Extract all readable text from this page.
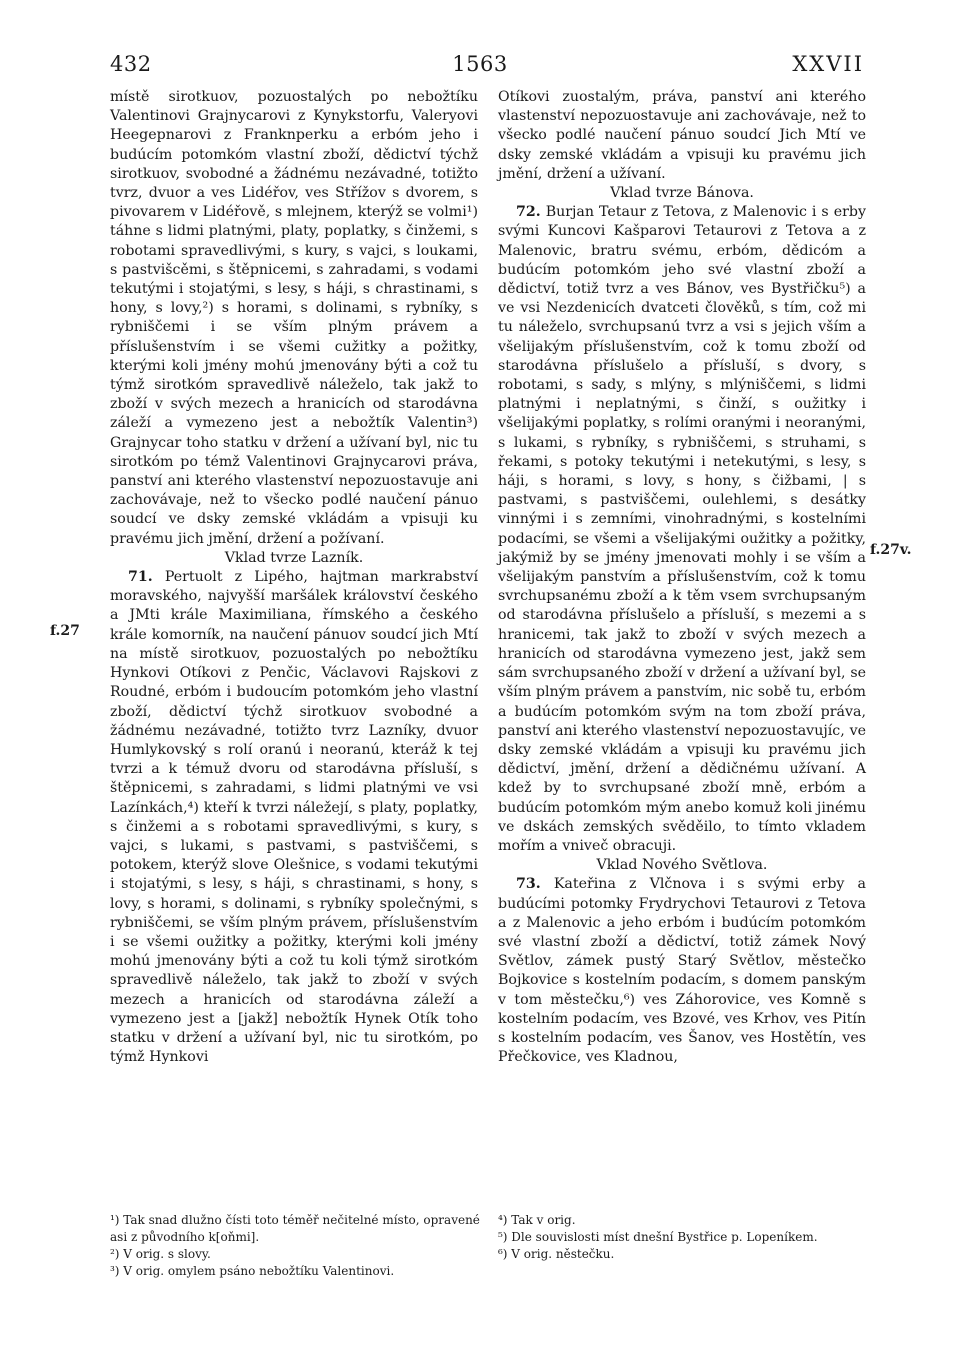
432	1563	XXVII
f.27
f.27v.

místě sirotkuov, pozuostalých po nebožtíku Valentinovi Grajnycarovi z Kynykstorfu, Valeryovi Heegepnarovi z Franknperku a erbóm jeho i budúcím potomkóm vlastní zboží, dědictví týchž sirotkuov, svobodné a žádnému nezávadné, totižto tvrz, dvuor a ves Lidéřov, ves Střížov s dvorem, s pivovarem v Lidéřově, s mlejnem, kterýž se volmi¹) táhne s lidmi platnými, platy, poplatky, s činžemi, s robotami spravedlivými, s kury, s vajci, s loukami, s pastvišcěmi, s štěpnicemi, s zahradami, s vodami tekutými i stojatými, s lesy, s háji, s chrastinami, s hony, s lovy,²) s horami, s dolinami, s rybníky, s rybniščemi i se vším plným právem a příslušenstvím i se všemi cužitky a požitky, kterými koli jmény mohú jmenovány býti a což tu týmž sirotkóm spravedlivě náleželo, tak jakž to zboží v svých mezech a hranicích od starodávna záleží a vymezeno jest a nebožtík Valentin³) Grajnycar toho statku v držení a užívaní byl, nic tu sirotkóm po témž Valentinovi Grajnycarovi práva, panství ani kterého vlastenství nepozuostavuje ani zachovávaje, než to všecko podlé naučení pánuo soudcí ve dsky zemské vkládám a vpisuji ku pravému jich jmění, držení a požívaní.

Vklad tvrze Lazník.

71. Pertuolt z Lipého, hajtman markrabství moravského, najvyšší maršálek království českého a JMti krále Maximiliana, římského a českého krále komorník, na naučení pánuov soudcí jich Mtí na místě sirotkuov, pozuostalých po nebožtíku Hynkovi Otíkovi z Penčic, Václavovi Rajskovi z Roudné, erbóm i budoucím potomkóm jeho vlastní zboží, dědictví týchž sirotkuov svobodné a žádnému nezávadné, totižto tvrz Lazníky, dvuor Humlykovský s rolí oranú i neoranú, kteráž k tej tvrzi a k témuž dvoru od starodávna přísluší, s štěpnicemi, s zahradami, s lidmi platnými ve vsi Lazínkách,⁴) kteří k tvrzi náležejí, s platy, poplatky, s činžemi a s robotami spravedlivými, s kury, s vajci, s lukami, s pastvami, s pastviščemi, s potokem, kterýž slove Olešnice, s vodami tekutými i stojatými, s lesy, s háji, s chrastinami, s hony, s lovy, s horami, s dolinami, s rybníky společnými, s rybniščemi, se vším plným právem, příslušenstvím i se všemi oužitky a požitky, kterými koli jmény mohú jmenovány býti a což tu koli týmž sirotkóm spravedlivě náleželo, tak jakž to zboží v svých mezech a hranicích od starodávna záleží a vymezeno jest a [jakž] nebožtík Hynek Otík toho statku v držení a užívaní byl, nic tu sirotkóm, po týmž Hynkovi

Otíkovi zuostalým, práva, panství ani kterého vlastenství nepozuostavuje ani zachovávaje, než to všecko podlé naučení pánuo soudcí Jich Mtí ve dsky zemské vkládám a vpisuji ku pravému jich jmění, držení a užívaní.

Vklad tvrze Bánova.

72. Burjan Tetaur z Tetova, z Malenovic i s erby svými Kuncovi Kašparovi Tetaurovi z Tetova a z Malenovic, bratru svému, erbóm, dědicóm a budúcím potomkóm jeho své vlastní zboží a dědictví, totiž tvrz a ves Bánov, ves Bystřičku⁵) a ve vsi Nezdenicích dvatceti člověků, s tím, což mi tu náleželo, svrchupsanú tvrz a vsi s jejich vším a všelijakým příslušenstvím, což k tomu zboží od starodávna příslušelo a přísluší, s dvory, s robotami, s sady, s mlýny, s mlýniščemi, s lidmi platnými i neplatnými, s činží, s oužitky i všelijakými poplatky, s rolími oranými i neoranými, s lukami, s rybníky, s rybniščemi, s struhami, s řekami, s potoky tekutými i netekutými, s lesy, s háji, s horami, s lovy, s hony, s čižbami, | s pastvami, s pastviščemi, oulehlemi, s desátky vinnými i s zemními, vinohradnými, s kostelními podacími, se všemi a všelijakými oužitky a požitky, jakýmiž by se jmény jmenovati mohly i se vším a všelijakým panstvím a příslušenstvím, což k tomu svrchupsanému zboží a k těm vsem svrchupsaným od starodávna příslušelo a přísluší, s mezemi a s hranicemi, tak jakž to zboží v svých mezech a hranicích od starodávna vymezeno jest, jakž sem sám svrchupsaného zboží v držení a užívaní byl, se vším plným právem a panstvím, nic sobě tu, erbóm a budúcím potomkóm svým na tom zboží práva, panství ani kterého vlastenství nepozuostavujíc, ve dsky zemské vkládám a vpisuji ku pravému jich dědictví, jmění, držení a dědičnému užívaní. A kdež by to svrchupsané zboží mně, erbóm a budúcím potomkóm mým anebo komuž koli jinému ve dskách zemských svěděilo, to tímto vkladem mořím a vniveč obracuji.

Vklad Nového Světlova.

73. Kateřina z Vlčnova i s svými erby a budúcími potomky Frydrychovi Tetaurovi z Tetova a z Malenovic a jeho erbóm i budúcím potomkóm své vlastní zboží a dědictví, totiž zámek Nový Světlov, zámek pustý Starý Světlov, městečko Bojkovice s kostelním podacím, s domem panským v tom městečku,⁶) ves Záhorovice, ves Komně s kostelním podacím, ves Bzové, ves Krhov, ves Pitín s kostelním podacím, ves Šanov, ves Hostětín, ves Přečkovice, ves Kladnou,

¹) Tak snad dlužno čísti toto téměř nečitelné místo, opravené asi z původního k[oňmi].
²) V orig. s slovy.
³) V orig. omylem psáno nebožtíku Valentinovi.
⁴) Tak v orig.
⁵) Dle souvislosti míst dnešní Bystřice p. Lopeníkem.
⁶) V orig. něstečku.
